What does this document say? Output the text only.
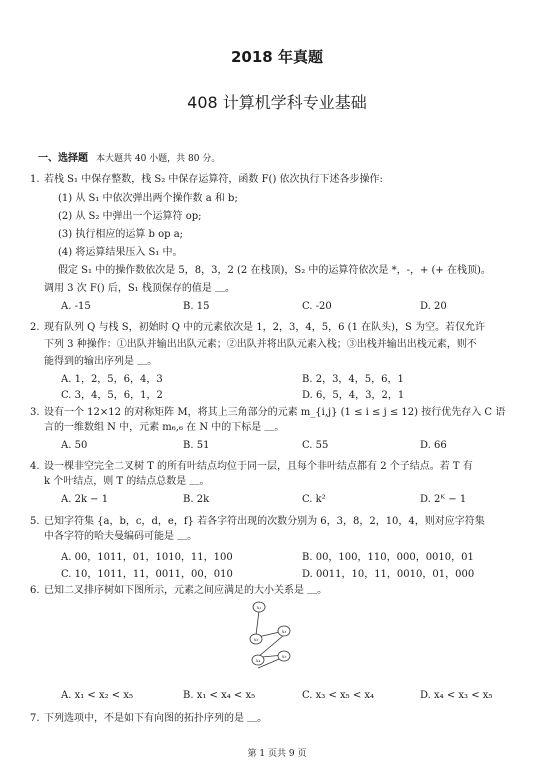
2018 年真题
408 计算机学科专业基础
一、选择题 本大题共 40 小题，共 80 分。
1. 若栈 S₁ 中保存整数，栈 S₂ 中保存运算符，函数 F() 依次执行下述各步操作:
(1) 从 S₁ 中依次弹出两个操作数 a 和 b;
(2) 从 S₂ 中弹出一个运算符 op;
(3) 执行相应的运算 b op a;
(4) 将运算结果压入 S₁ 中。
假定 S₁ 中的操作数依次是 5，8，3，2 (2 在栈顶)，S₂ 中的运算符依次是 *，-，+ (+ 在栈顶)。
调用 3 次 F() 后，S₁ 栈顶保存的值是 ＿。
A. -15	B. 15	C. -20	D. 20
2. 现有队列 Q 与栈 S，初始时 Q 中的元素依次是 1，2，3，4，5，6 (1 在队头)，S 为空。若仅允许
下列 3 种操作：①出队并输出出队元素；②出队并将出队元素入栈；③出栈并输出出栈元素，则不
能得到的输出序列是 ＿。
A. 1，2，5，6，4，3	B. 2，3，4，5，6，1
C. 3，4，5，6，1，2	D. 6，5，4，3，2，1
3. 设有一个 12×12 的对称矩阵 M，将其上三角部分的元素 m_{i,j} (1 ≤ i ≤ j ≤ 12) 按行优先存入 C 语
言的一维数组 N 中，元素 m₆,₆ 在 N 中的下标是 ＿。
A. 50	B. 51	C. 55	D. 66
4. 设一棵非空完全二叉树 T 的所有叶结点均位于同一层，且每个非叶结点都有 2 个子结点。若 T 有
k 个叶结点，则 T 的结点总数是 ＿。
A. 2k − 1	B. 2k	C. k²	D. 2ᴷ − 1
5. 已知字符集 {a，b，c，d，e，f} 若各字符出现的次数分别为 6，3，8，2，10，4，则对应字符集
中各字符的哈夫曼编码可能是 ＿。
A. 00，1011，01，1010，11，100	B. 00，100，110，000，0010，01
C. 10，1011，11，0011，00，010	D. 0011，10，11，0010，01，000
6. 已知二叉排序树如下图所示，元素之间应满足的大小关系是 ＿。
x₁
x₂
x₃
x₄
x₅
A. x₁ < x₂ < x₅	B. x₁ < x₄ < x₅	C. x₃ < x₅ < x₄	D. x₄ < x₃ < x₅
7. 下列选项中，不是如下有向图的拓扑序列的是 ＿。
第 1 页共 9 页
